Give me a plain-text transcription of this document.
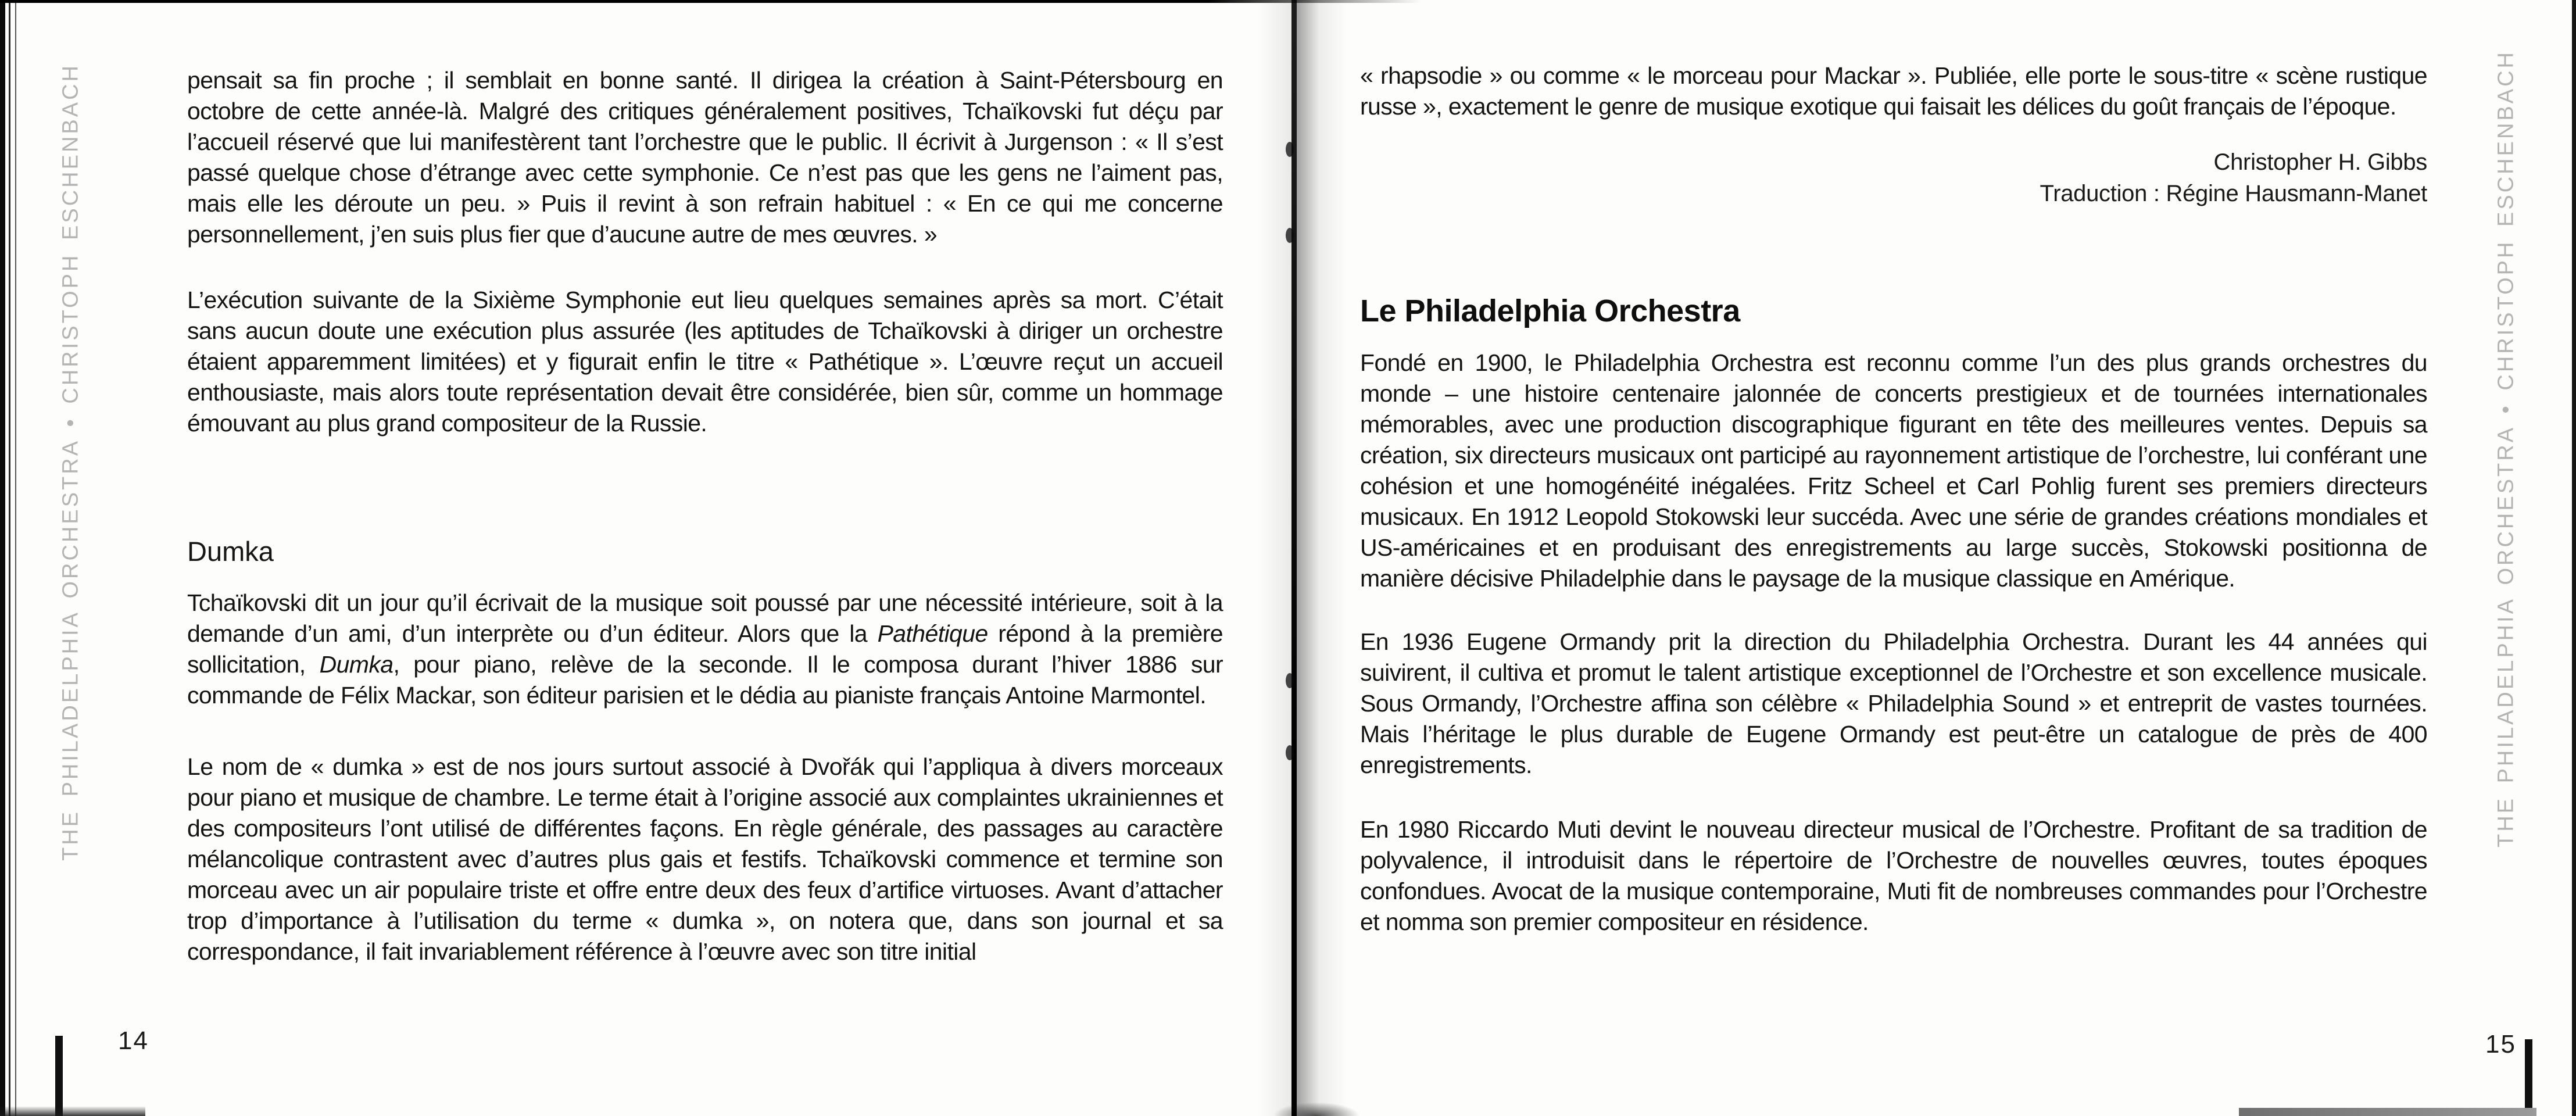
THE PHILADELPHIA ORCHESTRA • CHRISTOPH ESCHENBACH	pensait sa fin proche ; il semblait en bonne santé. Il dirigea la création à Saint-Pétersbourg en octobre de cette année-là. Malgré des critiques généralement positives, Tchaïkovski fut déçu par l’accueil réservé que lui manifestèrent tant l’orchestre que le public. Il écrivit à Jurgenson : « Il s’est passé quelque chose d’étrange avec cette symphonie. Ce n’est pas que les gens ne l’aiment pas, mais elle les déroute un peu. » Puis il revint à son refrain habituel : « En ce qui me concerne personnellement, j’en suis plus fier que d’aucune autre de mes œuvres. »

L’exécution suivante de la Sixième Symphonie eut lieu quelques semaines après sa mort. C’était sans aucun doute une exécution plus assurée (les aptitudes de Tchaïkovski à diriger un orchestre étaient apparemment limitées) et y figurait enfin le titre « Pathétique ». L’œuvre reçut un accueil enthousiaste, mais alors toute représentation devait être considérée, bien sûr, comme un hommage émouvant au plus grand compositeur de la Russie.

Dumka

Tchaïkovski dit un jour qu’il écrivait de la musique soit poussé par une nécessité intérieure, soit à la demande d’un ami, d’un interprète ou d’un éditeur. Alors que la Pathétique répond à la première sollicitation, Dumka, pour piano, relève de la seconde. Il le composa durant l’hiver 1886 sur commande de Félix Mackar, son éditeur parisien et le dédia au pianiste français Antoine Marmontel.

Le nom de « dumka » est de nos jours surtout associé à Dvořák qui l’appliqua à divers morceaux pour piano et musique de chambre. Le terme était à l’origine associé aux complaintes ukrainiennes et des compositeurs l’ont utilisé de différentes façons. En règle générale, des passages au caractère mélancolique contrastent avec d’autres plus gais et festifs. Tchaïkovski commence et termine son morceau avec un air populaire triste et offre entre deux des feux d’artifice virtuoses. Avant d’attacher trop d’importance à l’utilisation du terme « dumka », on notera que, dans son journal et sa correspondance, il fait invariablement référence à l’œuvre avec son titre initial

14

« rhapsodie » ou comme « le morceau pour Mackar ». Publiée, elle porte le sous-titre « scène rustique russe », exactement le genre de musique exotique qui faisait les délices du goût français de l’époque.

Christopher H. Gibbs
Traduction : Régine Hausmann-Manet
Le Philadelphia Orchestra

Fondé en 1900, le Philadelphia Orchestra est reconnu comme l’un des plus grands orchestres du monde – une histoire centenaire jalonnée de concerts prestigieux et de tournées internationales mémorables, avec une production discographique figurant en tête des meilleures ventes. Depuis sa création, six directeurs musicaux ont participé au rayonnement artistique de l’orchestre, lui conférant une cohésion et une homogénéité inégalées. Fritz Scheel et Carl Pohlig furent ses premiers directeurs musicaux. En 1912 Leopold Stokowski leur succéda. Avec une série de grandes créations mondiales et US-américaines et en produisant des enregistrements au large succès, Stokowski positionna de manière décisive Philadelphie dans le paysage de la musique classique en Amérique.

En 1936 Eugene Ormandy prit la direction du Philadelphia Orchestra. Durant les 44 années qui suivirent, il cultiva et promut le talent artistique exceptionnel de l’Orchestre et son excellence musicale. Sous Ormandy, l’Orchestre affina son célèbre « Philadelphia Sound » et entreprit de vastes tournées. Mais l’héritage le plus durable de Eugene Ormandy est peut-être un catalogue de près de 400 enregistrements.

En 1980 Riccardo Muti devint le nouveau directeur musical de l’Orchestre. Profitant de sa tradition de polyvalence, il introduisit dans le répertoire de l’Orchestre de nouvelles œuvres, toutes époques confondues. Avocat de la musique contemporaine, Muti fit de nombreuses commandes pour l’Orchestre et nomma son premier compositeur en résidence.

THE PHILADELPHIA ORCHESTRA • CHRISTOPH ESCHENBACH
15
